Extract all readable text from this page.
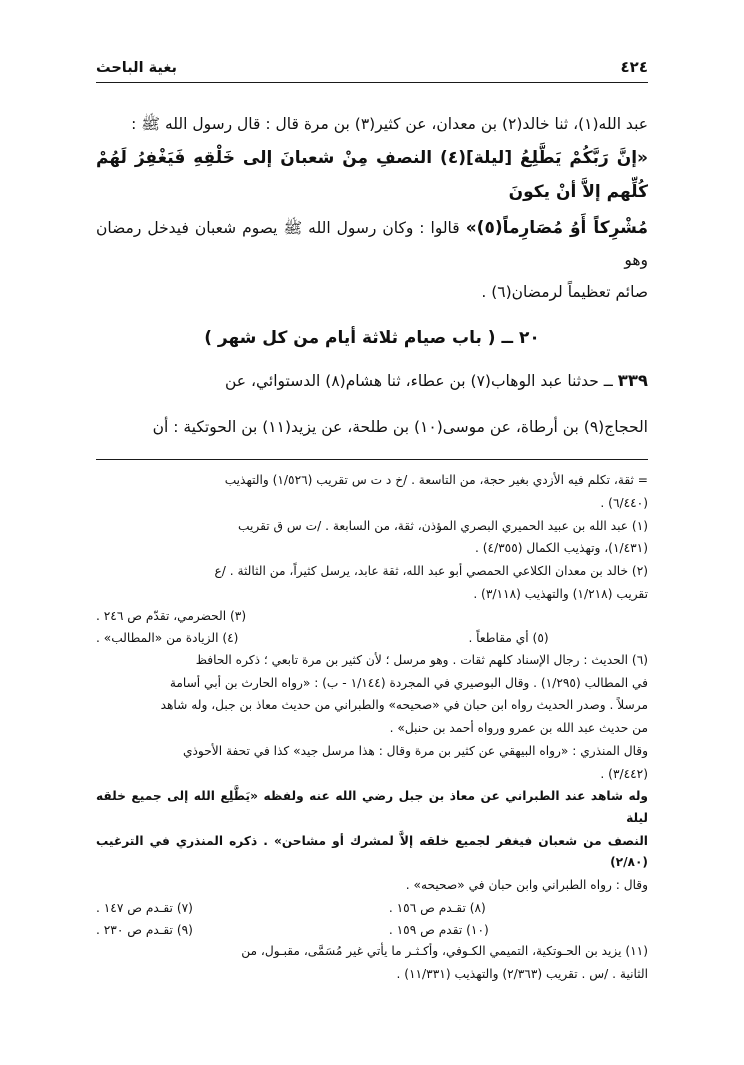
بغية الباحث	٤٢٤

عبد الله(١)، ثنا خالد(٢) بن معدان، عن كثير(٣) بن مرة قال : قال رسول الله ﷺ :

«إنَّ رَبَّكُمْ يَطَّلِعُ [ليلة](٤) النصفِ مِنْ شعبانَ إلى خَلْقِهِ فَيَغْفِرُ لَهُمْ كُلِّهم إلاَّ أنْ يكونَ

مُشْرِكاً أَوُ مُصَارِماً(٥)» قالوا : وكان رسول الله ﷺ يصوم شعبان فيدخل رمضان وهو

صائم تعظيماً لرمضان(٦) .

٢٠ ــ ( باب صيام ثلاثة أيام من كل شهر )

٣٣٩ ــ حدثنا عبد الوهاب(٧) بن عطاء، ثنا هشام(٨) الدستوائي، عن

الحجاج(٩) بن أرطاة، عن موسى(١٠) بن طلحة، عن يزيد(١١) بن الحوتكية : أن

= ثقة، تكلم فيه الأزدي بغير حجة، من التاسعة . /خ د ت س تقريب (١/٥٢٦) والتهذيب

(٦/٤٤٠) .

(١) عبد الله بن عبيد الحميري البصري المؤذن، ثقة، من السابعة . /ت س ق تقريب

(١/٤٣١)، وتهذيب الكمال (٤/٣٥٥) .

(٢) خالد بن معدان الكلاعي الحمصي أبو عبد الله، ثقة عابد، يرسل كثيراً، من الثالثة . /ع

تقريب (١/٢١٨) والتهذيب (٣/١١٨) .

(٣) الحضرمي، تقدّم ص ٢٤٦ .
(٤) الزيادة من «المطالب» .	(٥) أي مقاطعاً .

(٦) الحديث : رجال الإسناد كلهم ثقات . وهو مرسل ؛ لأن كثير بن مرة تابعي ؛ ذكره الحافظ

في المطالب (١/٢٩٥) . وقال البوصيري في المجردة (١/١٤٤ - ب) : «رواه الحارث بن أبي أسامة

مرسلاً . وصدر الحديث رواه ابن حبان في «صحيحه» والطبراني من حديث معاذ بن جبل، وله شاهد

من حديث عبد الله بن عمرو ورواه أحمد بن حنبل» .

وقال المنذري : «رواه البيهقي عن كثير بن مرة وقال : هذا مرسل جيد» كذا في تحفة الأحوذي

(٣/٤٤٢) .

وله شاهد عند الطبراني عن معاذ بن جبل رضي الله عنه ولفظه «يَطَّلِع الله إلى جميع خلقه ليلة

النصف من شعبان فيغفر لجميع خلقه إلاَّ لمشرك أو مشاحن» . ذكره المنذري في الترغيب (٢/٨٠)

وقال : رواه الطبراني وابن حبان في «صحيحه» .

(٧) تقـدم ص ١٤٧ .	(٨) تقـدم ص ١٥٦ .
(٩) تقـدم ص ٢٣٠ .	(١٠) تقدم ص ١٥٩ .

(١١) يزيد بن الحـوتكية، التميمي الكـوفي، وأكـثـر ما يأتي غير مُسَمَّى، مقبـول، من

الثانية . /س . تقريب (٢/٣٦٣) والتهذيب (١١/٣٣١) .
